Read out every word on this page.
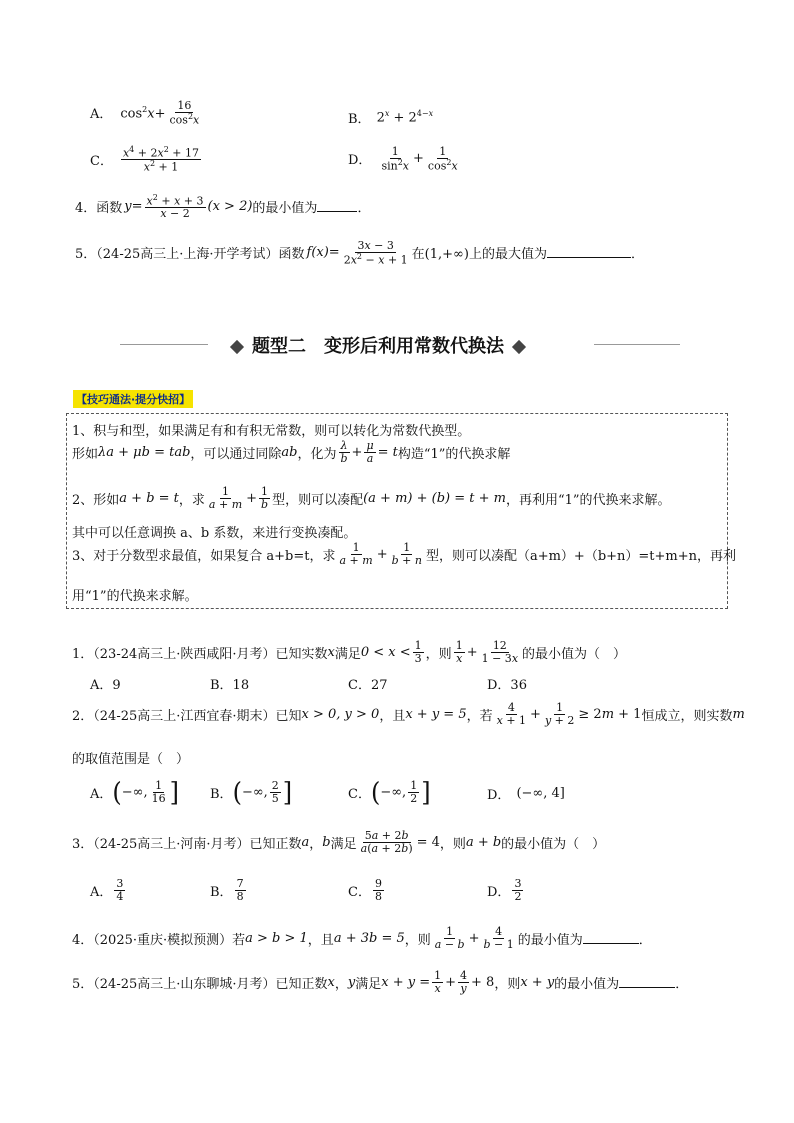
A． $\cos^2x+ \frac{16}{\cos^2x}$	B． $2^x + 2^{4-x}$
C． $\frac{x^4 + 2x^2 + 17}{x^2 + 1}$	D． $\frac{1}{\sin^2x} + \frac{1}{\cos^2x}$
4．函数 $y = \frac{x^2 + x + 3}{x - 2} (x > 2)$ 的最小值为	．
5．（24-25高三上·上海·开学考试）函数 $f(x)= \frac{3x - 3}{2x^2 - x + 1}$ 在(1,+∞)上的最大值为	．
题型二　变形后利用常数代换法
【技巧通法·提分快招】
1、积与和型，如果满足有和有积无常数，则可以转化为常数代换型。
形如 λa + μb = tab ，可以通过同除 ab ，化为 $\frac{\lambda}{b} + \frac{\mu}{a} = t$ 构造“1”的代换求解
2、形如 a + b = t ，求 $\frac{1}{a + m} + \frac{1}{b}$ 型，则可以凑配 (a + m) + (b) = t + m ，再利用“1”的代换来求解。
其中可以任意调换 a、b 系数，来进行变换凑配。
3、对于分数型求最值，如果复合 a+b=t，求 $\frac{1}{a + m} + \frac{1}{b + n}$ 型，则可以凑配（a+m）+（b+n）=t+m+n，再利
用“1”的代换来求解。
1．（23-24高三上·陕西咸阳·月考）已知实数 x 满足 $0 < x < \frac{1}{3}$ ，则 $\frac{1}{x} + \frac{12}{1 - 3x}$ 的最小值为（　）
A．9	B．18	C．27	D．36
2．（24-25高三上·江西宜春·期末）已知 x > 0, y > 0 ，且 x + y = 5 ，若 $\frac{4}{x + 1} + \frac{1}{y + 2} \ge 2m + 1$ 恒成立，则实数 m
的取值范围是（　）
A． ( −∞, $\frac{1}{16}$ ] B． ( −∞, $\frac{2}{5}$ ]	C． ( −∞, $\frac{1}{2}$ ]	D． (−∞, 4]
3．（24-25高三上·河南·月考）已知正数 a ， b 满足 $\frac{5a + 2b}{a(a + 2b)} = 4$ ，则 a + b 的最小值为（　）
A． $\frac{3}{4}$	B． $\frac{7}{8}$	C． $\frac{9}{8}$	D． $\frac{3}{2}$
4．（2025·重庆·模拟预测）若 a > b > 1 ，且 a + 3b = 5 ，则 $\frac{1}{a - b} + \frac{4}{b - 1}$ 的最小值为	．
5．（24-25高三上·山东聊城·月考）已知正数 x ， y 满足 $x + y = \frac{1}{x} + \frac{4}{y} + 8$ ，则 x + y 的最小值为	．
